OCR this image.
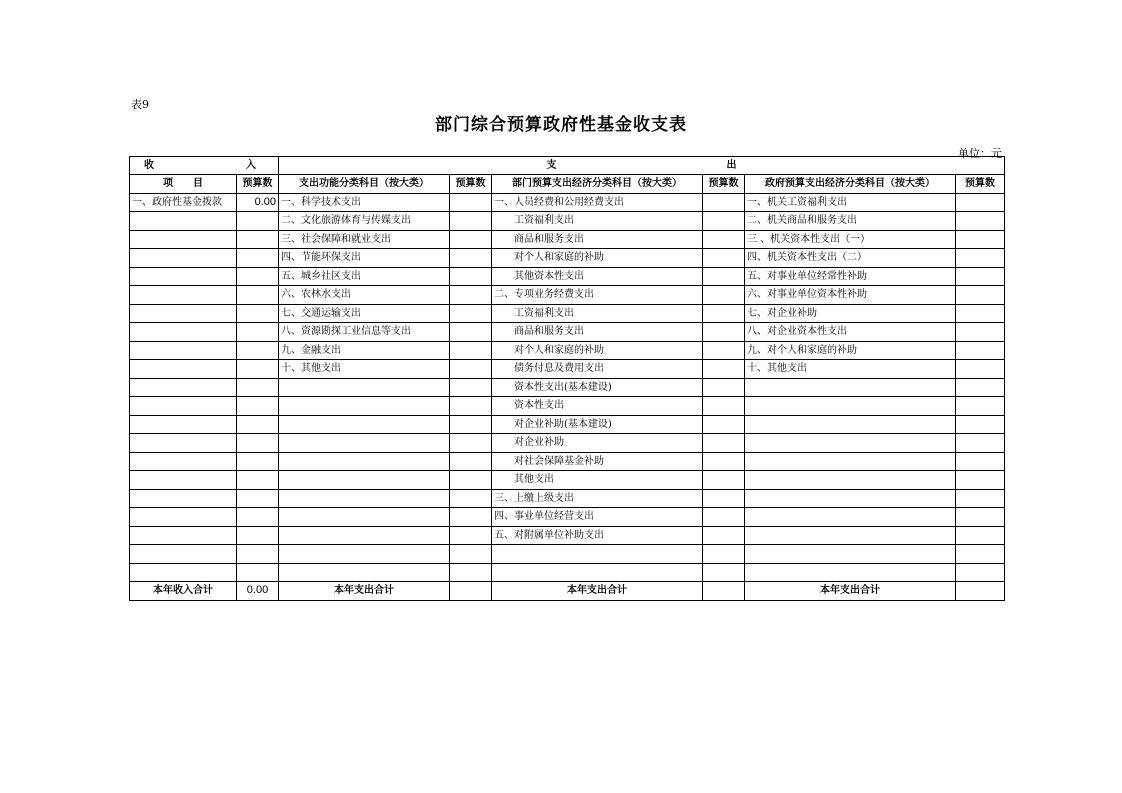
表9
部门综合预算政府性基金收支表
单位：元
收 入		支 出					

项　　目	预算数	支出功能分类科目（按大类）	预算数	部门预算支出经济分类科目（按大类）	预算数	政府预算支出经济分类科目（按大类）	预算数
一、政府性基金拨款	0.00	一、科学技术支出		一、人员经费和公用经费支出		一、机关工资福利支出	
		二、文化旅游体育与传媒支出		工资福利支出		二、机关商品和服务支出	
		三、社会保障和就业支出		商品和服务支出		三 、机关资本性支出（一）	
		四、节能环保支出		对个人和家庭的补助		四、机关资本性支出（二）	
		五、城乡社区支出		其他资本性支出		五、对事业单位经常性补助	
		六、农林水支出		二、专项业务经费支出		六、对事业单位资本性补助	
		七、交通运输支出		工资福利支出		七、对企业补助	
		八、资源勘探工业信息等支出		商品和服务支出		八、对企业资本性支出	
		九、金融支出		对个人和家庭的补助		九、对个人和家庭的补助	
		十、其他支出		债务付息及费用支出		十、其他支出	
				资本性支出(基本建设)			
				资本性支出			
				对企业补助(基本建设)			
				对企业补助			
				对社会保障基金补助			
				其他支出			
				三、上缴上级支出			
				四、事业单位经营支出			
				五、对附属单位补助支出			

本年收入合计	0.00	本年支出合计		本年支出合计		本年支出合计	
